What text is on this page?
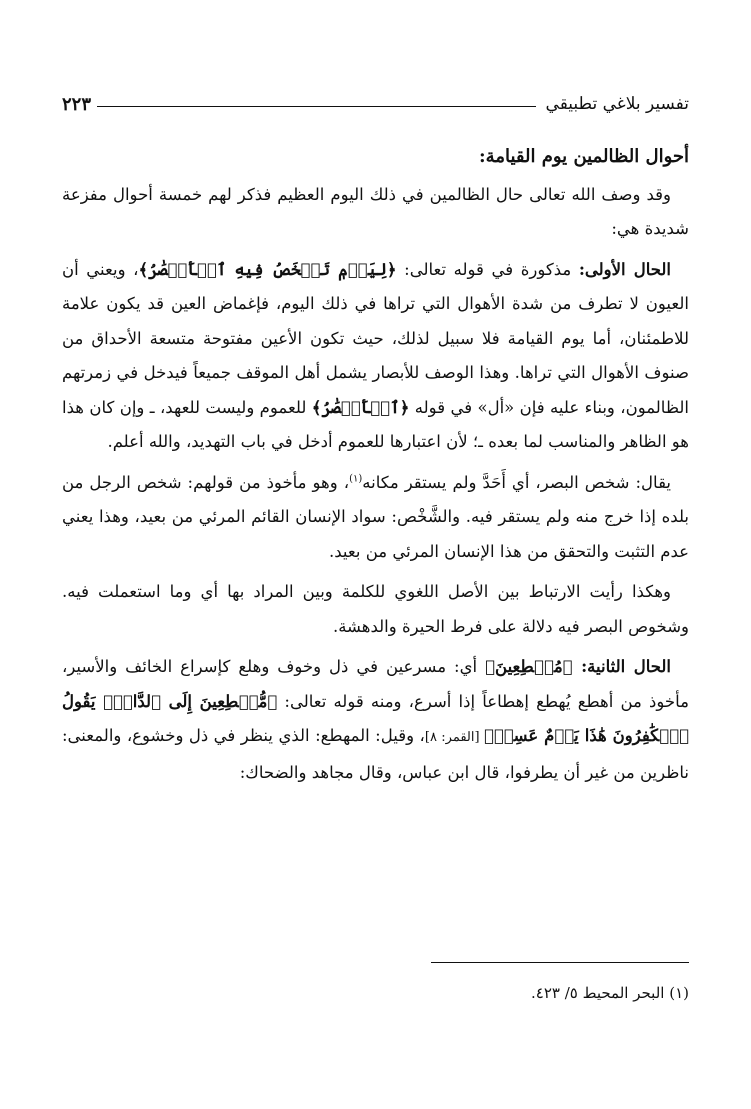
تفسير بلاغي تطبيقي
٢٢٣
أحوال الظالمين يوم القيامة:

وقد وصف الله تعالى حال الظالمين في ذلك اليوم العظيم فذكر لهم خمسة أحوال مفزعة شديدة هي:

الحال الأولى: مذكورة في قوله تعالى: ﴿لِيَوۡمٖ تَشۡخَصُ فِيهِ ٱلۡأَبۡصَٰرُ﴾، ويعني أن العيون لا تطرف من شدة الأهوال التي تراها في ذلك اليوم، فإغماض العين قد يكون علامة للاطمئنان، أما يوم القيامة فلا سبيل لذلك، حيث تكون الأعين مفتوحة متسعة الأحداق من صنوف الأهوال التي تراها. وهذا الوصف للأبصار يشمل أهل الموقف جميعاً فيدخل في زمرتهم الظالمون، وبناء عليه فإن «أل» في قوله ﴿ٱلۡأَبۡصَٰرُ﴾ للعموم وليست للعهد، ـ وإن كان هذا هو الظاهر والمناسب لما بعده ـ؛ لأن اعتبارها للعموم أدخل في باب التهديد، والله أعلم.

يقال: شخص البصر، أي أَحَدَّ ولم يستقر مكانه$^{(١)}$، وهو مأخوذ من قولهم: شخص الرجل من بلده إذا خرج منه ولم يستقر فيه. والشَّخْص: سواد الإنسان القائم المرئي من بعيد، وهذا يعني عدم التثبت والتحقق من هذا الإنسان المرئي من بعيد.

وهكذا رأيت الارتباط بين الأصل اللغوي للكلمة وبين المراد بها أي وما استعملت فيه. وشخوص البصر فيه دلالة على فرط الحيرة والدهشة.

الحال الثانية: ﴿مُهۡطِعِينَ﴾ أي: مسرعين في ذل وخوف وهلع كإسراع الخائف والأسير، مأخوذ من أهطع يُهطع إهطاعاً إذا أسرع، ومنه قوله تعالى: ﴿مُّهۡطِعِينَ إِلَى ٱلدَّاعِۖ يَقُولُ ٱلۡكَٰفِرُونَ هَٰذَا يَوۡمٌ عَسِرٞ﴾ [القمر: ٨]، وقيل: المهطع: الذي ينظر في ذل وخشوع، والمعنى: ناظرين من غير أن يطرفوا، قال ابن عباس، وقال مجاهد والضحاك:

(١) البحر المحيط ٥/ ٤٢٣.
